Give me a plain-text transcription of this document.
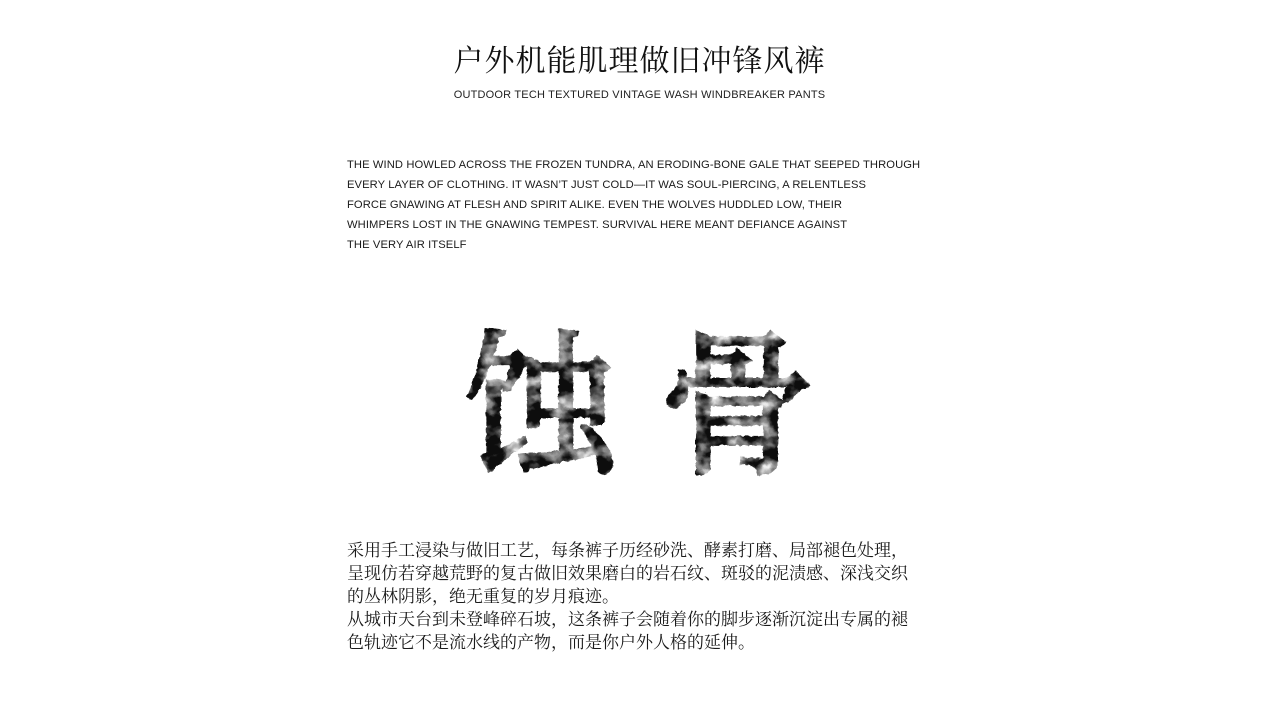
户外机能肌理做旧冲锋风裤
OUTDOOR TECH TEXTURED VINTAGE WASH WINDBREAKER PANTS
THE WIND HOWLED ACROSS THE FROZEN TUNDRA, AN ERODING-BONE GALE THAT SEEPED THROUGH
EVERY LAYER OF CLOTHING. IT WASN’T JUST COLD—IT WAS SOUL-PIERCING, A RELENTLESS
FORCE GNAWING AT FLESH AND SPIRIT ALIKE. EVEN THE WOLVES HUDDLED LOW, THEIR
WHIMPERS LOST IN THE GNAWING TEMPEST. SURVIVAL HERE MEANT DEFIANCE AGAINST
THE VERY AIR ITSELF
蚀 骨
采用手工浸染与做旧工艺，每条裤子历经砂洗、酵素打磨、局部褪色处理，
呈现仿若穿越荒野的复古做旧效果磨白的岩石纹、斑驳的泥渍感、深浅交织
的丛林阴影，绝无重复的岁月痕迹。
从城市天台到未登峰碎石坡，这条裤子会随着你的脚步逐渐沉淀出专属的褪
色轨迹它不是流水线的产物，而是你户外人格的延伸。
